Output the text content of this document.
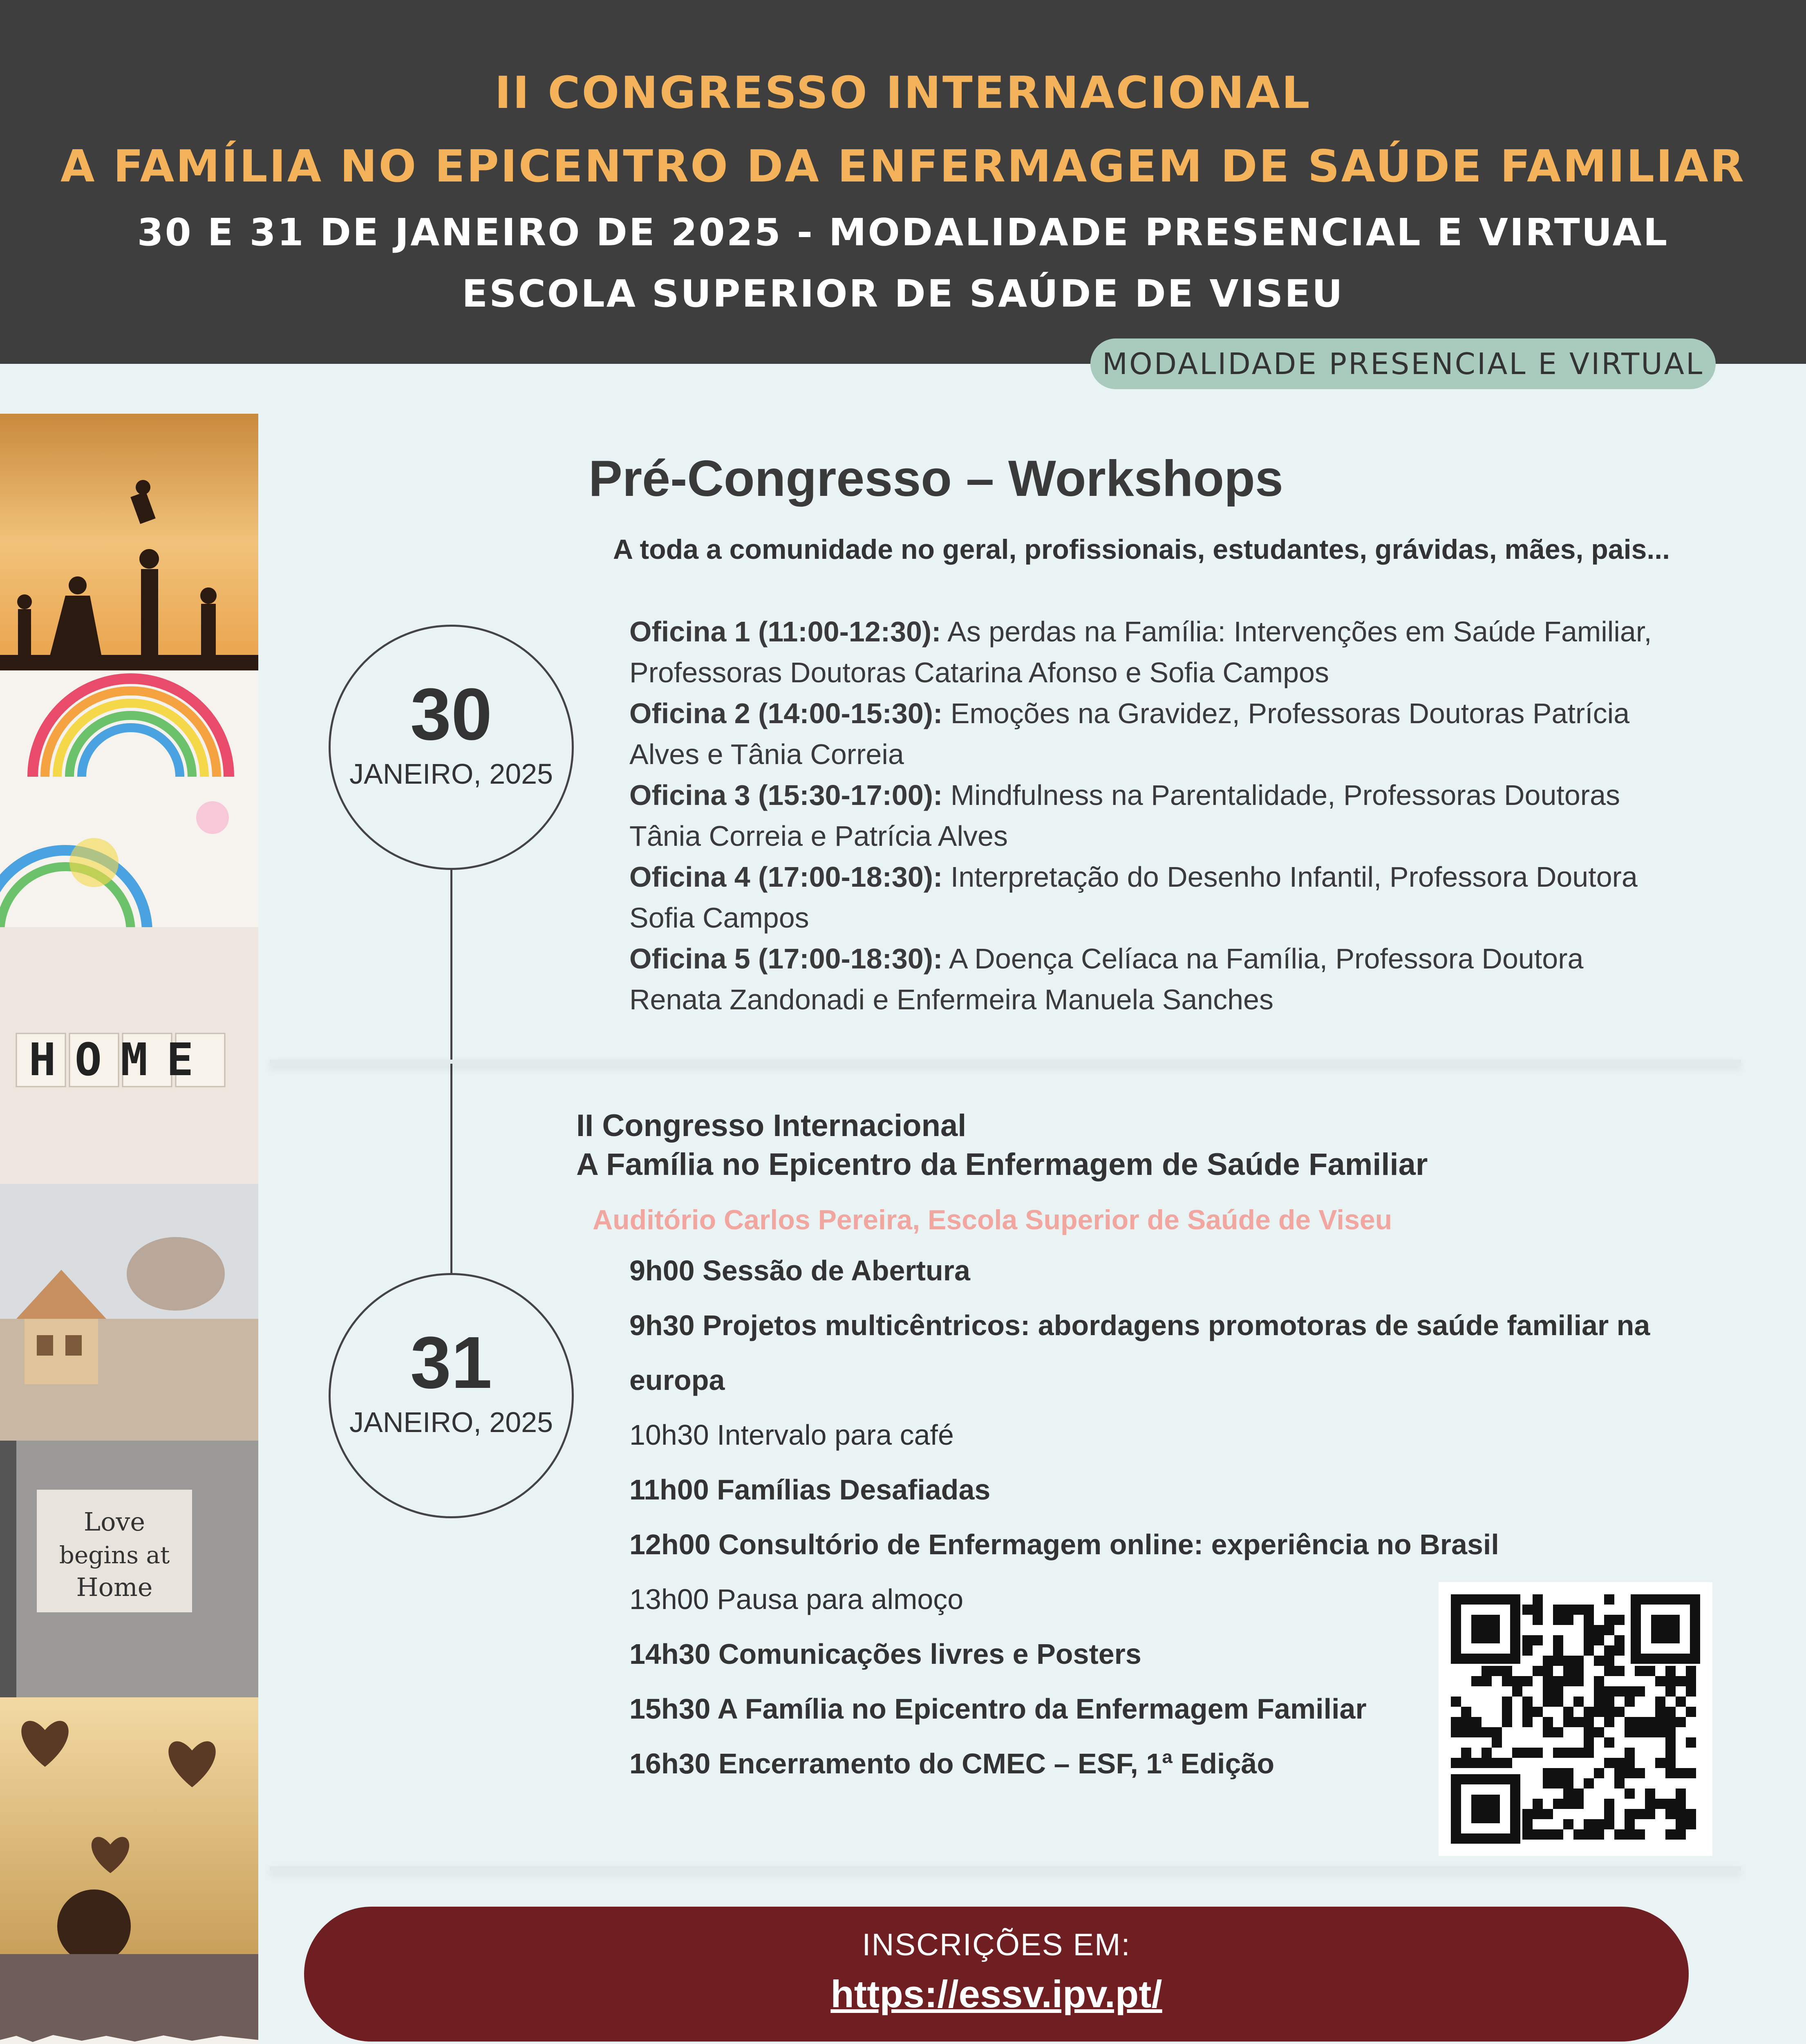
II CONGRESSO INTERNACIONAL
A FAMÍLIA NO EPICENTRO DA ENFERMAGEM DE SAÚDE FAMILIAR
30 E 31 DE JANEIRO DE 2025 - MODALIDADE PRESENCIAL E VIRTUAL
ESCOLA SUPERIOR DE SAÚDE DE VISEU
MODALIDADE PRESENCIAL E VIRTUAL
HOME
Love
begins at
Home
Pré-Congresso – Workshops
A toda a comunidade no geral, profissionais, estudantes, grávidas, mães, pais...
30
JANEIRO, 2025
Oficina 1 (11:00-12:30): As perdas na Família: Intervenções em Saúde Familiar,
Professoras Doutoras Catarina Afonso e Sofia Campos
Oficina 2 (14:00-15:30): Emoções na Gravidez, Professoras Doutoras Patrícia
Alves e Tânia Correia
Oficina 3 (15:30-17:00): Mindfulness na Parentalidade, Professoras Doutoras
Tânia Correia e Patrícia Alves
Oficina 4 (17:00-18:30): Interpretação do Desenho Infantil, Professora Doutora
Sofia Campos
Oficina 5 (17:00-18:30): A Doença Celíaca na Família, Professora Doutora
Renata Zandonadi e Enfermeira Manuela Sanches
II Congresso Internacional
A Família no Epicentro da Enfermagem de Saúde Familiar
Auditório Carlos Pereira, Escola Superior de Saúde de Viseu
31
JANEIRO, 2025
9h00 Sessão de Abertura
9h30 Projetos multicêntricos: abordagens promotoras de saúde familiar na
europa
10h30 Intervalo para café
11h00 Famílias Desafiadas
12h00 Consultório de Enfermagem online: experiência no Brasil
13h00 Pausa para almoço
14h30 Comunicações livres e Posters
15h30 A Família no Epicentro da Enfermagem Familiar
16h30 Encerramento do CMEC – ESF, 1ª Edição
INSCRIÇÕES EM:
https://essv.ipv.pt/
